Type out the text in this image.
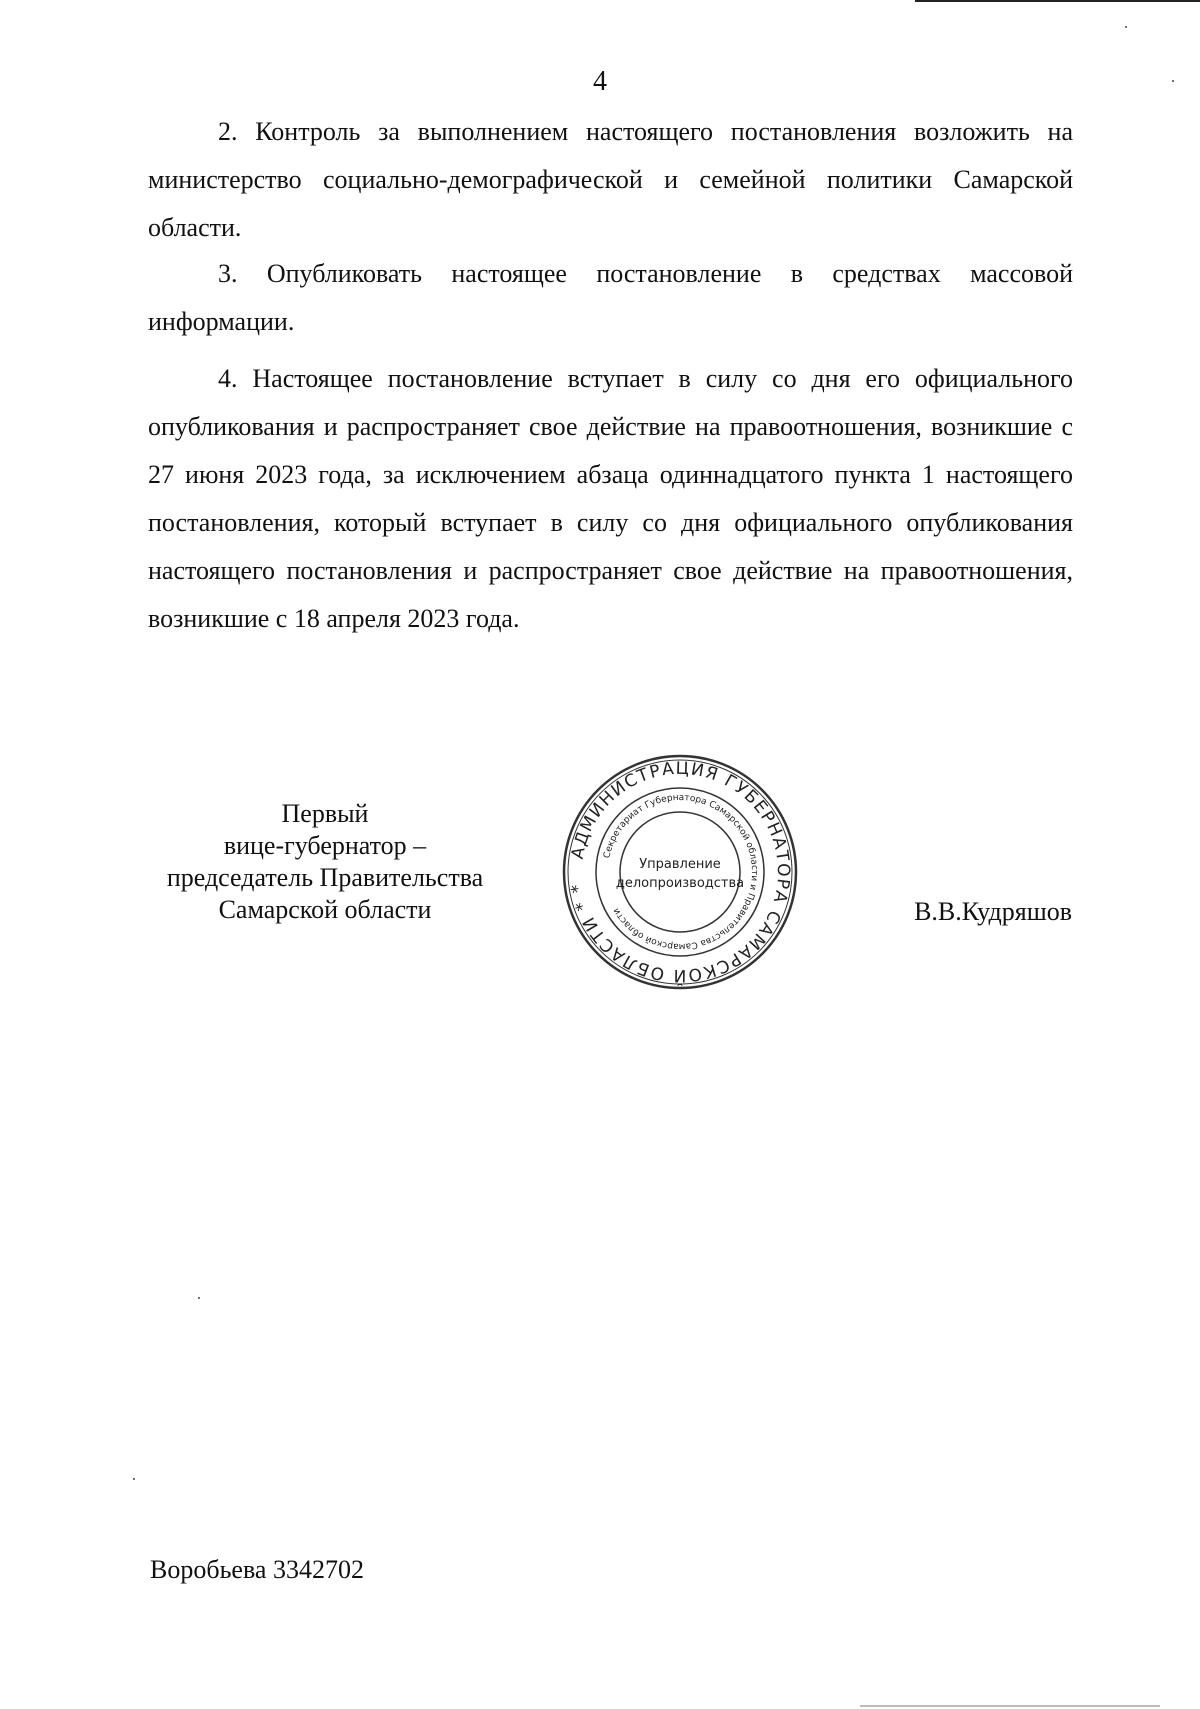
4

2. Контроль за выполнением настоящего постановления возложить на министерство социально-демографической и семейной политики Самарской области.

3. Опубликовать настоящее постановление в средствах массовой информации.

4. Настоящее постановление вступает в силу со дня его официального опубликования и распространяет свое действие на правоотношения, возникшие с 27 июня 2023 года, за исключением абзаца одиннадцатого пункта 1 настоящего постановления, который вступает в силу со дня официального опубликования настоящего постановления и распространяет свое действие на правоотношения, возникшие с 18 апреля 2023 года.

Первый
вице-губернатор –
председатель Правительства
Самарской области
АДМИНИСТРАЦИЯ ГУБЕРНАТОРА САМАРСКОЙ ОБЛАСТИ * *
Секретариат Губернатора Самарской области и Правительства Самарской области
Управление
делопроизводства
В.В.Кудряшов
Воробьева 3342702
